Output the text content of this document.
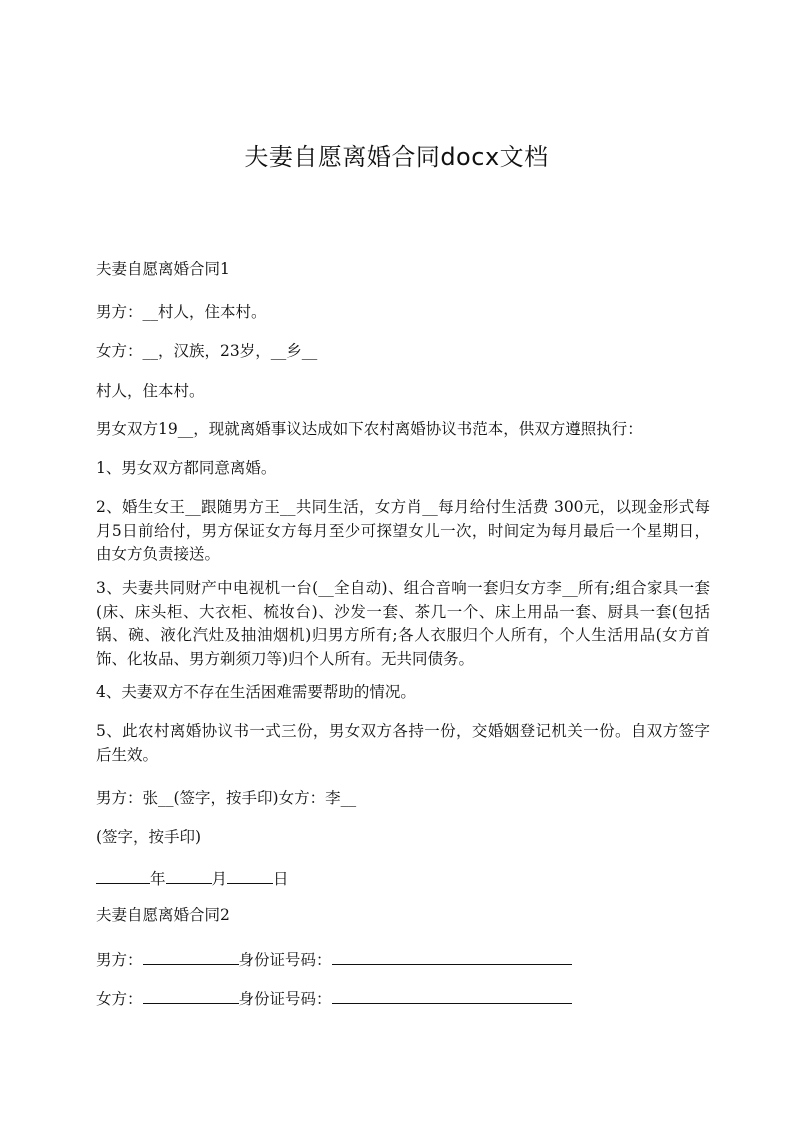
夫妻自愿离婚合同docx文档
夫妻自愿离婚合同1
男方：__村人，住本村。
女方：__，汉族，23岁，__乡__
村人，住本村。
男女双方19__，现就离婚事议达成如下农村离婚协议书范本，供双方遵照执行：
1、男女双方都同意离婚。
2、婚生女王__跟随男方王__共同生活，女方肖__每月给付生活费 300元，以现金形式每月5日前给付，男方保证女方每月至少可探望女儿一次，时间定为每月最后一个星期日，由女方负责接送。
3、夫妻共同财产中电视机一台(__全自动)、组合音响一套归女方李__所有;组合家具一套(床、床头柜、大衣柜、梳妆台)、沙发一套、茶几一个、床上用品一套、厨具一套(包括锅、碗、液化汽灶及抽油烟机)归男方所有;各人衣服归个人所有，个人生活用品(女方首饰、化妆品、男方剃须刀等)归个人所有。无共同债务。
4、夫妻双方不存在生活困难需要帮助的情况。
5、此农村离婚协议书一式三份，男女双方各持一份，交婚姻登记机关一份。自双方签字后生效。
男方：张__(签字，按手印)女方：李__
(签字，按手印)
年	月	日
夫妻自愿离婚合同2
男方：	身份证号码：
女方：	身份证号码：
